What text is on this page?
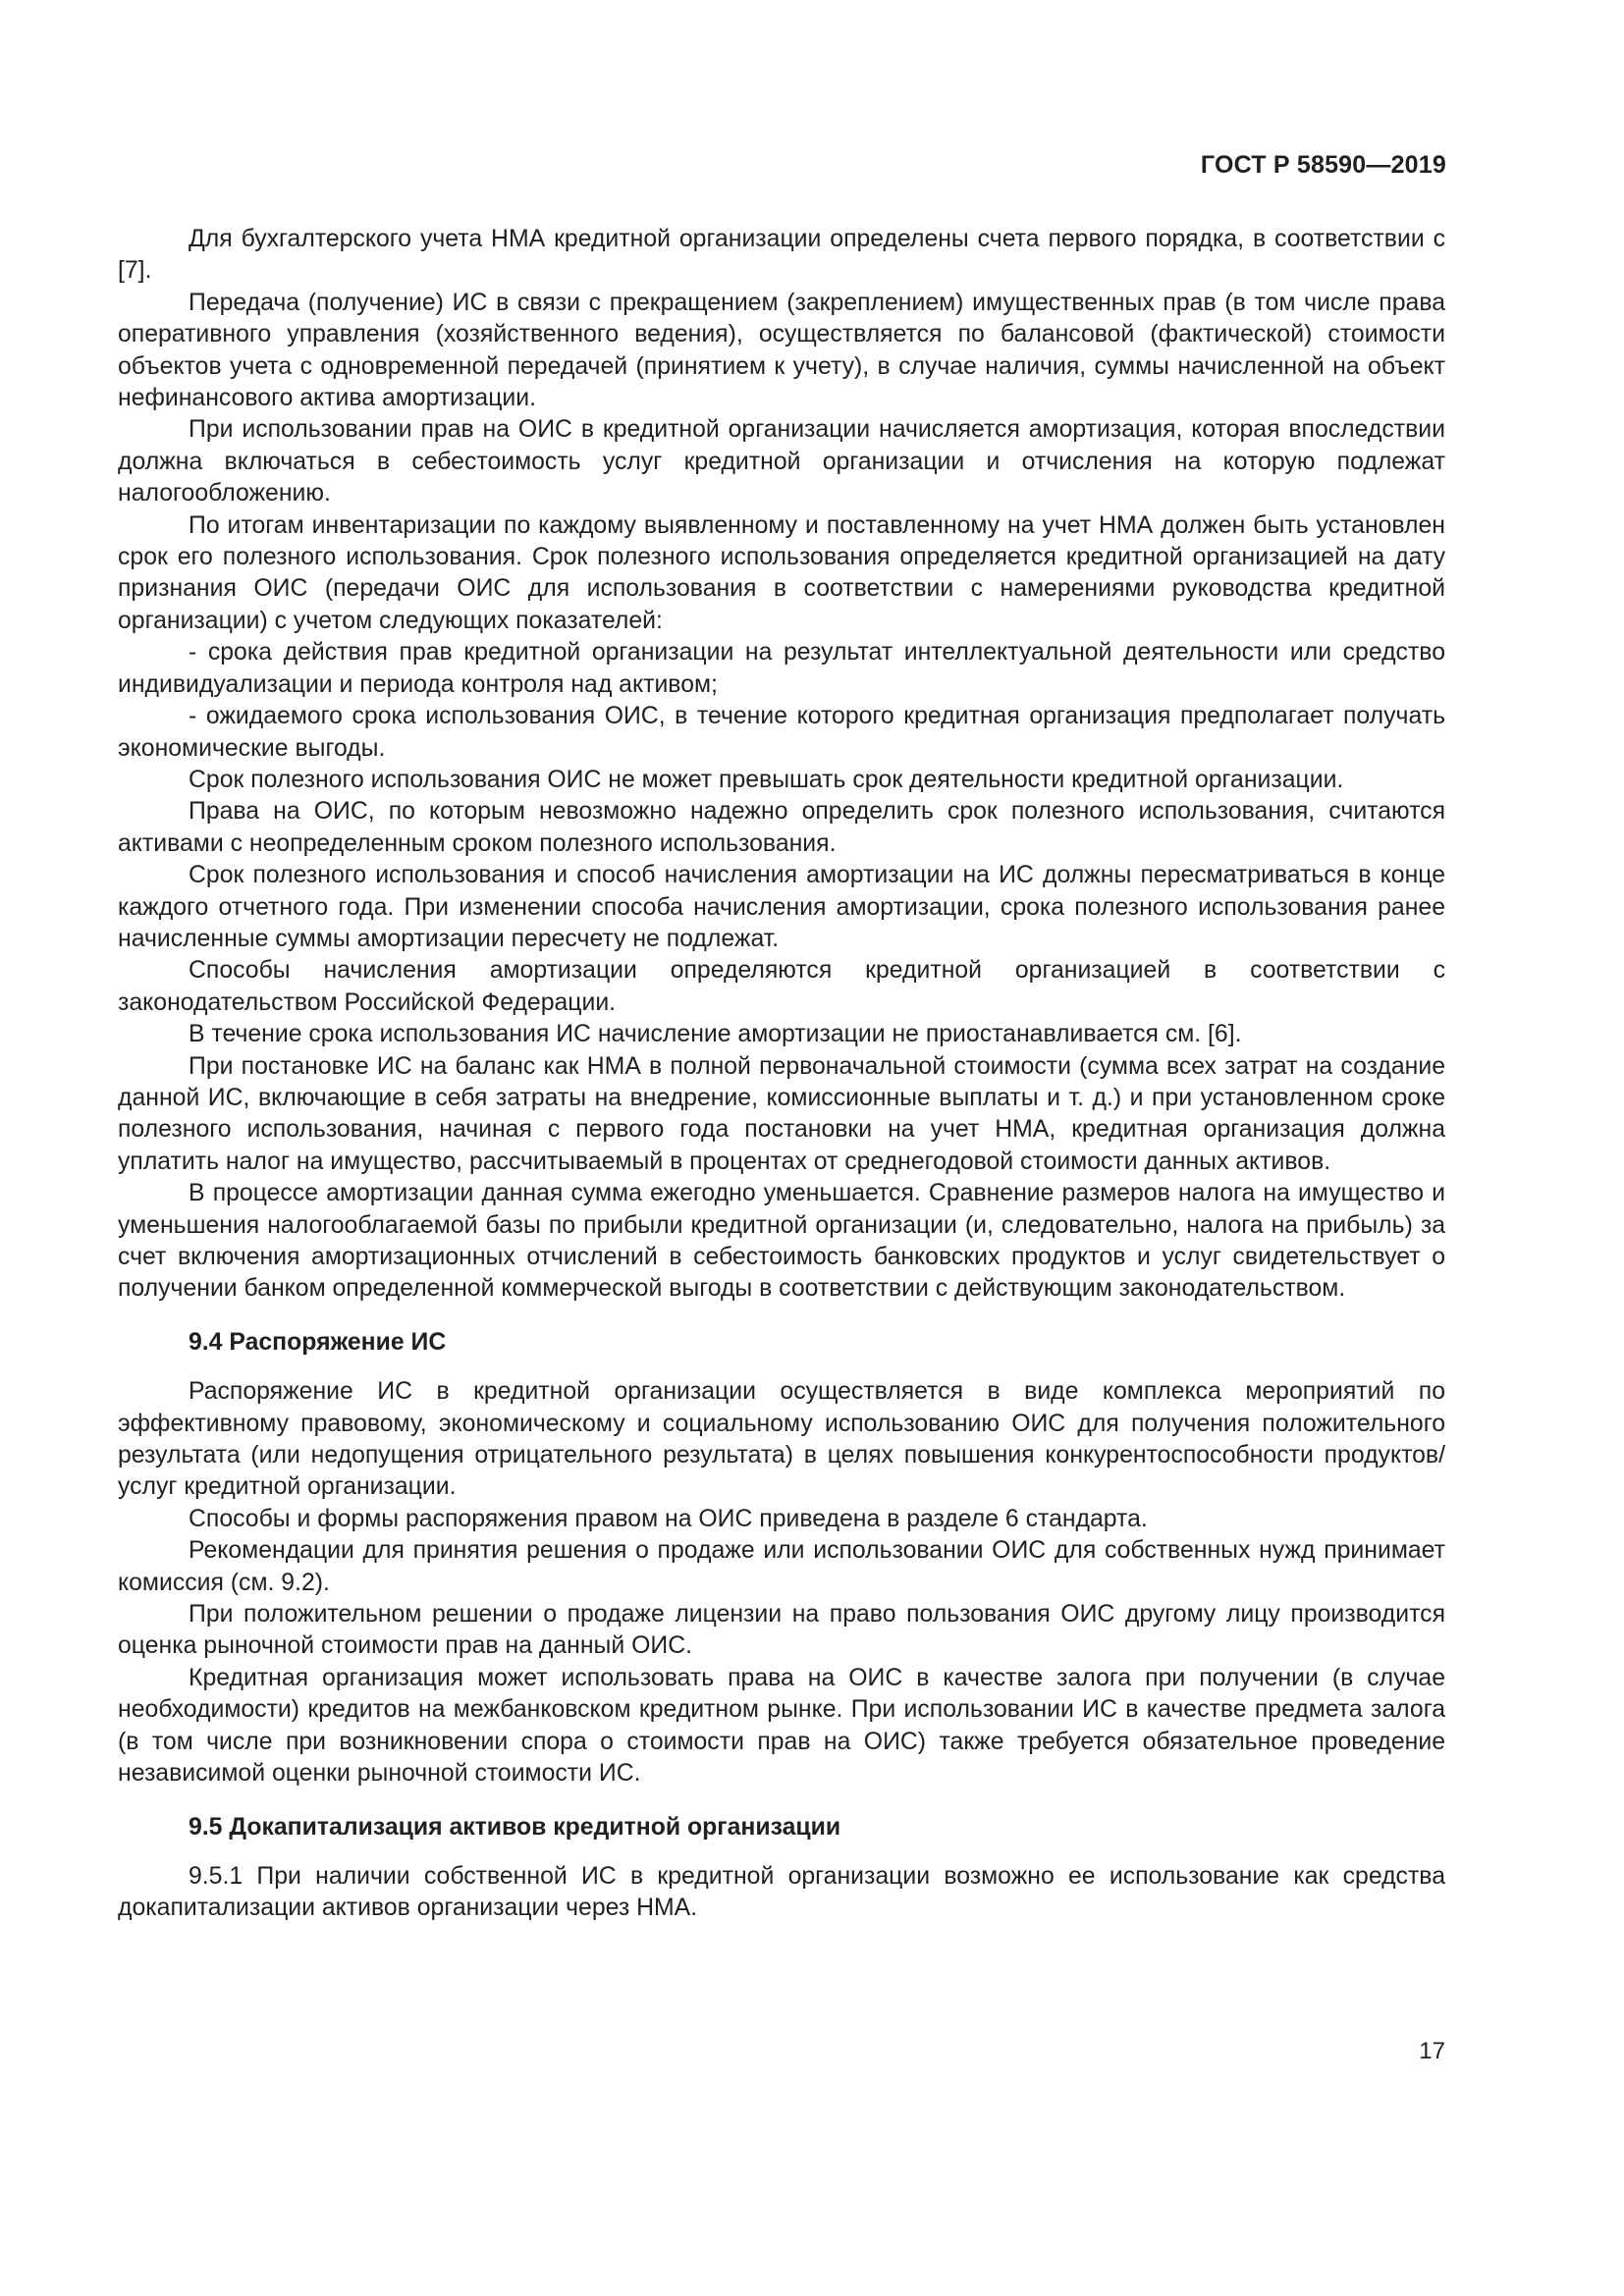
ГОСТ Р 58590—2019

Для бухгалтерского учета НМА кредитной организации определены счета первого порядка, в соответствии с [7].

Передача (получение) ИС в связи с прекращением (закреплением) имущественных прав (в том числе права оперативного управления (хозяйственного ведения), осуществляется по балансовой (фактической) стоимости объектов учета с одновременной передачей (принятием к учету), в случае наличия, суммы начисленной на объект нефинансового актива амортизации.

При использовании прав на ОИС в кредитной организации начисляется амортизация, которая впоследствии должна включаться в себестоимость услуг кредитной организации и отчисления на которую подлежат налогообложению.

По итогам инвентаризации по каждому выявленному и поставленному на учет НМА должен быть установлен срок его полезного использования. Срок полезного использования определяется кредитной организацией на дату признания ОИС (передачи ОИС для использования в соответствии с намерениями руководства кредитной организации) с учетом следующих показателей:

- срока действия прав кредитной организации на результат интеллектуальной деятельности или средство индивидуализации и периода контроля над активом;

- ожидаемого срока использования ОИС, в течение которого кредитная организация предполагает получать экономические выгоды.

Срок полезного использования ОИС не может превышать срок деятельности кредитной организации.

Права на ОИС, по которым невозможно надежно определить срок полезного использования, считаются активами с неопределенным сроком полезного использования.

Срок полезного использования и способ начисления амортизации на ИС должны пересматриваться в конце каждого отчетного года. При изменении способа начисления амортизации, срока полезного использования ранее начисленные суммы амортизации пересчету не подлежат.

Способы начисления амортизации определяются кредитной организацией в соответствии с законодательством Российской Федерации.

В течение срока использования ИС начисление амортизации не приостанавливается см. [6].

При постановке ИС на баланс как НМА в полной первоначальной стоимости (сумма всех затрат на создание данной ИС, включающие в себя затраты на внедрение, комиссионные выплаты и т. д.) и при установленном сроке полезного использования, начиная с первого года постановки на учет НМА, кредитная организация должна уплатить налог на имущество, рассчитываемый в процентах от среднегодовой стоимости данных активов.

В процессе амортизации данная сумма ежегодно уменьшается. Сравнение размеров налога на имущество и уменьшения налогооблагаемой базы по прибыли кредитной организации (и, следовательно, налога на прибыль) за счет включения амортизационных отчислений в себестоимость банковских продуктов и услуг свидетельствует о получении банком определенной коммерческой выгоды в соответствии с действующим законодательством.

9.4 Распоряжение ИС

Распоряжение ИС в кредитной организации осуществляется в виде комплекса мероприятий по эффективному правовому, экономическому и социальному использованию ОИС для получения положительного результата (или недопущения отрицательного результата) в целях повышения конкурентоспособности продуктов/услуг кредитной организации.

Способы и формы распоряжения правом на ОИС приведена в разделе 6 стандарта.

Рекомендации для принятия решения о продаже или использовании ОИС для собственных нужд принимает комиссия (см. 9.2).

При положительном решении о продаже лицензии на право пользования ОИС другому лицу производится оценка рыночной стоимости прав на данный ОИС.

Кредитная организация может использовать права на ОИС в качестве залога при получении (в случае необходимости) кредитов на межбанковском кредитном рынке. При использовании ИС в качестве предмета залога (в том числе при возникновении спора о стоимости прав на ОИС) также требуется обязательное проведение независимой оценки рыночной стоимости ИС.

9.5 Докапитализация активов кредитной организации

9.5.1 При наличии собственной ИС в кредитной организации возможно ее использование как средства докапитализации активов организации через НМА.

17
